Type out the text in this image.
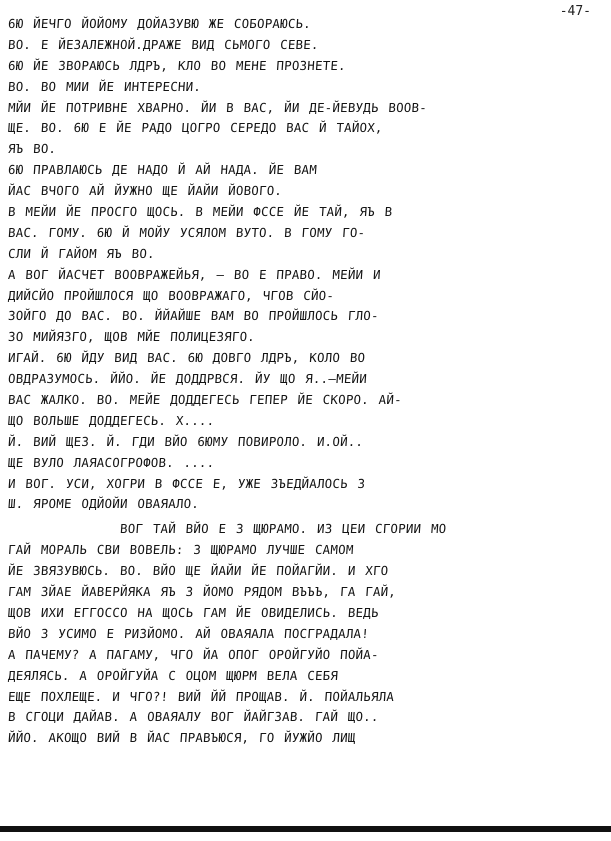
-47-
6Ю ЙЕЧГО ЙОЙОМУ ДОЙАЗУВЮ ЖЕ СОБОРАЮСЬ.
ВО. Е ЙЕЗАЛЕЖНОЙ.ДРАЖЕ ВИД СЬМОГО СЕВЕ.
6Ю ЙЕ ЗВОРАЮСЬ ЛДРЪ, КЛО ВО МЕНЕ ПРОЗНЕТЕ.
ВО. ВО МИИ ЙЕ ИНТЕРЕСНИ.
МЙИ ЙЕ ПОТРИВНЕ ХВАРНО. ЙИ В ВАС, ЙИ ДЕ-ЙЕВУДЬ ВООВ-
ЩЕ. ВО. 6Ю Е ЙЕ РАДО ЦОГРО СЕРЕДО ВАС Й ТАЙОХ,
ЯЪ ВО.
6Ю ПРАВЛАЮСЬ ДЕ НАДО Й АЙ НАДА. ЙЕ ВАМ
ЙАС ВЧОГО АЙ ЙУЖНО ЩЕ ЙАЙИ ЙОВОГО.
В МЕЙИ ЙЕ ПРОСГО ЩОСЬ. В МЕЙИ ФССЕ ЙЕ ТАЙ, ЯЪ В
ВАС. ГОМУ. 6Ю Й МОЙУ УСЯЛОМ ВУТО. В ГОМУ ГО-
СЛИ Й ГАЙОМ ЯЪ ВО.
А ВОГ ЙАСЧЕТ ВООВРАЖЕЙЬЯ, — ВО Е ПРАВО. МЕЙИ И
ДИЙСЙО ПРОЙШЛОСЯ ЩО ВООВРАЖАГО, ЧГОВ СЙО-
ЗОЙГО ДО ВАС. ВО. ЙЙАЙШЕ ВАМ ВО ПРОЙШЛОСЬ ГЛО-
ЗО МИЙЯЗГО, ЩОВ МЙЕ ПОЛИЦЕЗЯГО.
ИГАЙ. 6Ю ЙДУ ВИД ВАС. 6Ю ДОВГО ЛДРЪ, КОЛО ВО
ОВДРАЗУМОСЬ. ЙЙО. ЙЕ ДОДДРВСЯ. ЙУ ЩО Я..—МЕЙИ
ВАС ЖАЛКО. ВО. МЕЙЕ ДОДДЕГЕСЬ ГЕПЕР ЙЕ СКОРО. АЙ-
ЩО ВОЛЬШЕ ДОДДЕГЕСЬ. Х....
Й. ВИЙ ЩЕЗ. Й. ГДИ ВЙО 6ЮМУ ПОВИРОЛО. И.ОЙ..
ЩЕ ВУЛО ЛАЯАСОГРОФОВ. ....
И ВОГ. УСИ, ХОГРИ В ФССЕ Е, УЖЕ ЗЪЕДЙАЛОСЬ З
Ш. ЯРОМЕ ОДЙОЙИ ОВАЯАЛО.
ВОГ ТАЙ ВЙО Е З ЩЮРАМО. ИЗ ЦЕИ СГОРИИ МО
ГАЙ МОРАЛЬ СВИ ВОВЕЛЬ: З ЩЮРАМО ЛУЧШЕ САМОМ
ЙЕ ЗВЯЗУВЮСЬ. ВО. ВЙО ЩЕ ЙАЙИ ЙЕ ПОЙАГЙИ. И ХГО
ГАМ ЗЙАЕ ЙАВЕРЙЯКА ЯЪ З ЙОМО РЯДОМ ВЪЪЪ, ГА ГАЙ,
ЩОВ ИХИ ЕГГОССО НА ЩОСЬ ГАМ ЙЕ ОВИДЕЛИСЬ. ВЕДЬ
ВЙО З УСИМО Е РИЗЙОМО. АЙ ОВАЯАЛА ПОСГРАДАЛА!
А ПАЧЕМУ? А ПАГАМУ, ЧГО ЙА ОПОГ ОРОЙГУЙО ПОЙА-
ДЕЯЛЯСЬ. А ОРОЙГУЙА С ОЦОМ ЩЮРМ ВЕЛА СЕБЯ
ЕЩЕ ПОХЛЕЩЕ. И ЧГО?! ВИЙ ЙЙ ПРОЩАВ. Й. ПОЙАЛЬЯЛА
В СГОЦИ ДАЙАВ. А ОВАЯАЛУ ВОГ ЙАЙГЗАВ. ГАЙ ЩО..
ЙЙО. АКОЩО ВИЙ В ЙАС ПРАВЪЮСЯ, ГО ЙУЖЙО ЛИЩ
